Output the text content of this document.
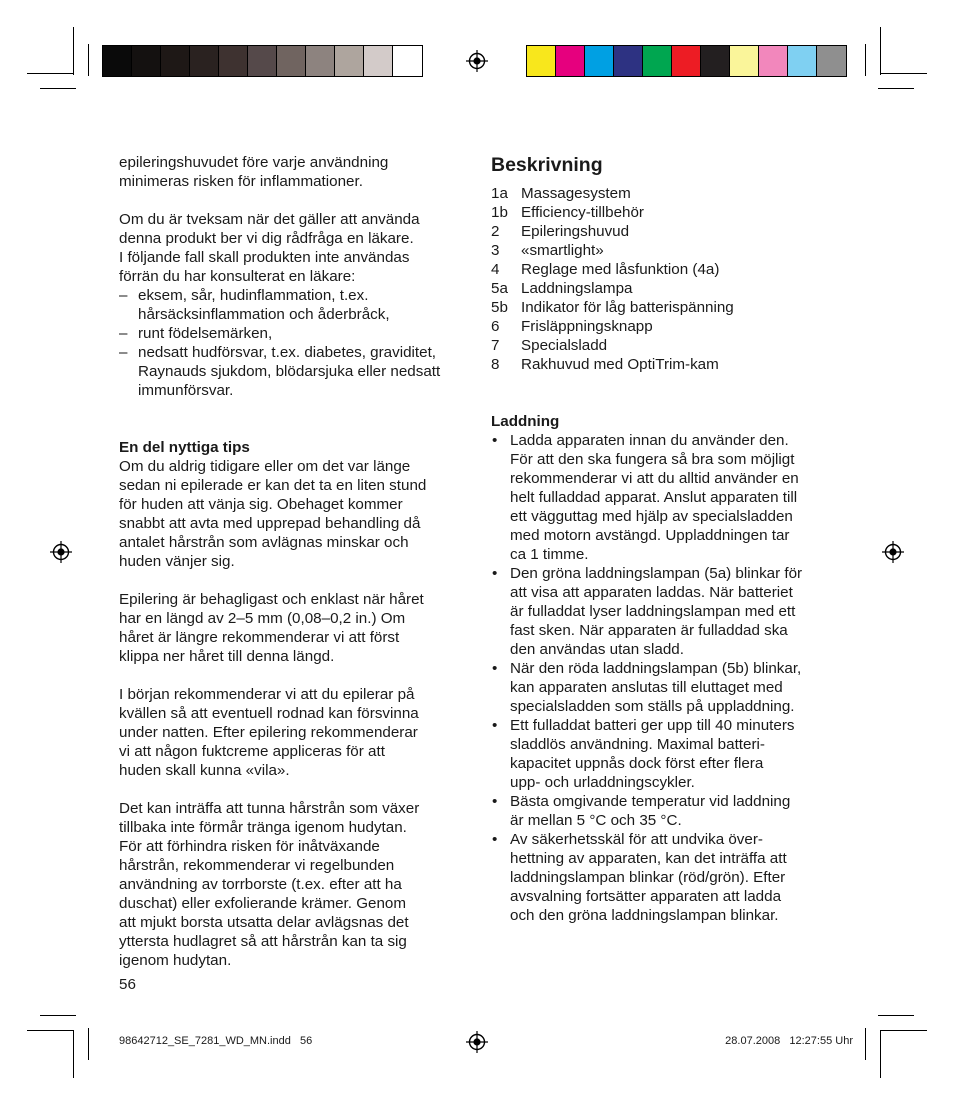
epileringshuvudet före varje användning
minimeras risken för inflammationer.

Om du är tveksam när det gäller att använda
denna produkt ber vi dig rådfråga en läkare.
I följande fall skall produkten inte användas
förrän du har konsulterat en läkare:

– eksem, sår, hudinflammation, t.ex.
hårsäcksinflammation och åderbråck,
– runt födelsemärken,
– nedsatt hudförsvar, t.ex. diabetes, graviditet,
Raynauds sjukdom, blödarsjuka eller nedsatt
immunförsvar.

En del nyttiga tips

Om du aldrig tidigare eller om det var länge
sedan ni epilerade er kan det ta en liten stund
för huden att vänja sig. Obehaget kommer
snabbt att avta med upprepad behandling då
antalet hårstrån som avlägnas minskar och
huden vänjer sig.

Epilering är behagligast och enklast när håret
har en längd av 2–5 mm (0,08–0,2 in.) Om
håret är längre rekommenderar vi att först
klippa ner håret till denna längd.

I början rekommenderar vi att du epilerar på
kvällen så att eventuell rodnad kan försvinna
under natten. Efter epilering rekommenderar
vi att någon fuktcreme appliceras för att
huden skall kunna «vila».

Det kan inträffa att tunna hårstrån som växer
tillbaka inte förmår tränga igenom hudytan.
För att förhindra risken för inåtväxande
hårstrån, rekommenderar vi regelbunden
användning av torrborste (t.ex. efter att ha
duschat) eller exfolierande krämer. Genom
att mjukt borsta utsatta delar avlägsnas det
yttersta hudlagret så att hårstrån kan ta sig
igenom hudytan.

56

Beskrivning
1a Massagesystem
1b Efficiency-tillbehör
2	Epileringshuvud
3	«smartlight»
4	Reglage med låsfunktion (4a)
5a Laddningslampa
5b Indikator för låg batterispänning
6	Frisläppningsknapp
7	Specialsladd
8	Rakhuvud med OptiTrim-kam

Laddning

• Ladda apparaten innan du använder den.
För att den ska fungera så bra som möjligt
rekommenderar vi att du alltid använder en
helt fulladdad apparat. Anslut apparaten till
ett vägguttag med hjälp av specialsladden
med motorn avstängd. Uppladdningen tar
ca 1 timme.
• Den gröna laddningslampan (5a) blinkar för
att visa att apparaten laddas. När batteriet
är fulladdat lyser laddningslampan med ett
fast sken. När apparaten är fulladdad ska
den användas utan sladd.
• När den röda laddningslampan (5b) blinkar,
kan apparaten anslutas till eluttaget med
specialsladden som ställs på uppladdning.
• Ett fulladdat batteri ger upp till 40 minuters
sladdlös användning. Maximal batteri-
kapacitet uppnås dock först efter flera
upp- och urladdningscykler.
• Bästa omgivande temperatur vid laddning
är mellan 5 °C och 35 °C.
• Av säkerhetsskäl för att undvika över-
hettning av apparaten, kan det inträffa att
laddningslampan blinkar (röd/grön). Efter
avsvalning fortsätter apparaten att ladda
och den gröna laddningslampan blinkar.
98642712_SE_7281_WD_MN.indd   56	28.07.2008   12:27:55 Uhr
